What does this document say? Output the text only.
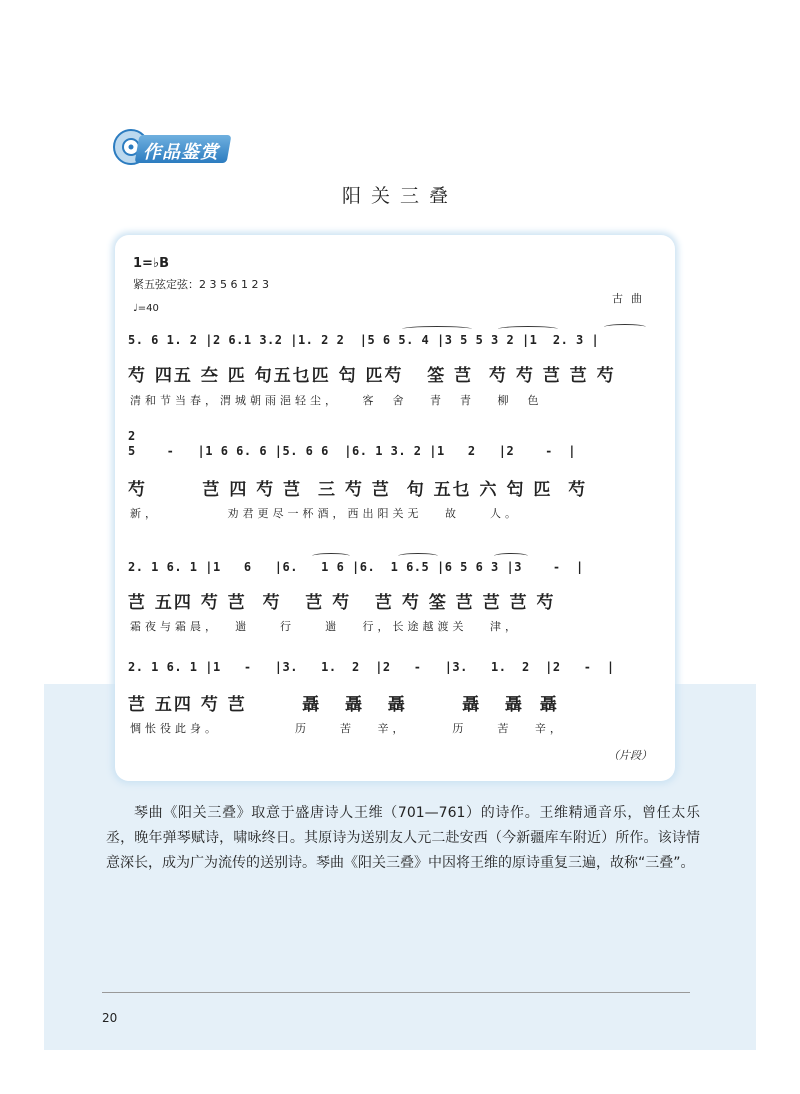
作品鉴赏
阳关三叠
1=♭B
紧五弦定弦：2 3 5 6 1 2 3
♩=40
古曲
5. 6 1. 2 |2 6.1 3.2 |1. 2 2  |5 6 5. 4 |3 5 5 3 2 |1  2. 3 |
芍 四五 夳 匹 句五乜匹 匄 匹芍   筌 芑  芍 芍 芑 芑 芍
清和节当春，渭城朝雨浥轻尘，   客  舍   青  青   柳  色
2
5    -   |1 6 6. 6 |5. 6 6  |6. 1 3. 2 |1   2   |2    -  |
芍       芑 四 芍 芑  三 芍 芑  句 五乜 六 匄 匹  芍
新，         劝君更尽一杯酒，西出阳关无   故    人。
2. 1 6. 1 |1   6   |6.   1 6 |6.  1 6.5 |6 5 6 3 |3    -  |
芑 五四 芍 芑  芍   芑 芍   芑 芍 筌 芑 芑 芑 芍
霜夜与霜晨，  遄    行    遄   行，长途越渡关   津，
2. 1 6. 1 |1   -   |3.   1.  2  |2   -   |3.   1.  2  |2   -  |
芑 五四 芍 芑       聶   聶   聶       聶   聶  聶
惆怅役此身。          历    苦   辛，      历    苦   辛，
（片段）
琴曲《阳关三叠》取意于盛唐诗人王维（701—761）的诗作。王维精通音乐，曾任太乐丞，晚年弹琴赋诗，啸咏终日。其原诗为送别友人元二赴安西（今新疆库车附近）所作。该诗情意深长，成为广为流传的送别诗。琴曲《阳关三叠》中因将王维的原诗重复三遍，故称“三叠”。
20
